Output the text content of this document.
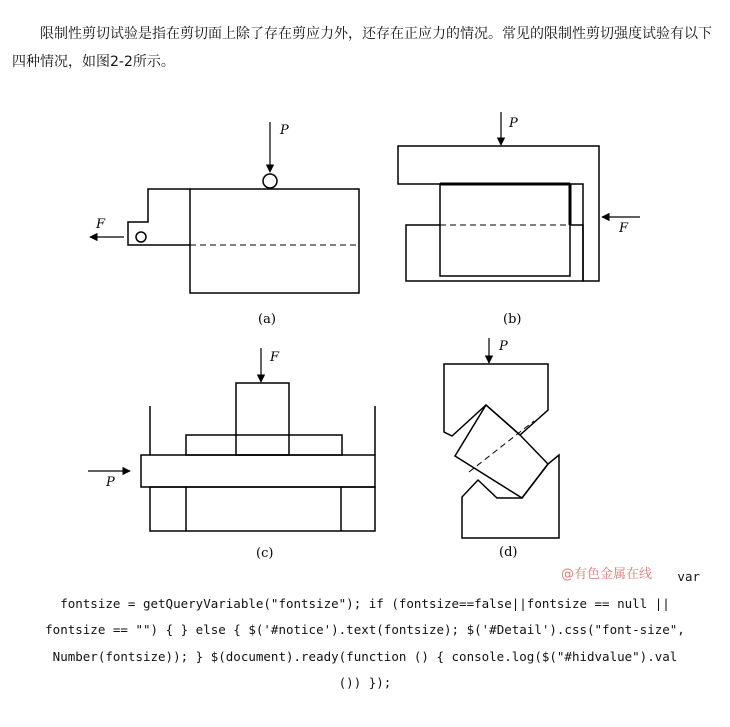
限制性剪切试验是指在剪切面上除了存在剪应力外，还存在正应力的情况。常见的限制性剪切强度试验有以下四种情况，如图2-2所示。

P
F
(a)
P
F
(b)
F
P
(c)
P
(d)
@有色金属在线	var
fontsize = getQueryVariable("fontsize"); if (fontsize==false||fontsize == null ||
fontsize == "") { } else { $('#notice').text(fontsize); $('#Detail').css("font-size",
Number(fontsize)); } $(document).ready(function () { console.log($("#hidvalue").val
()) });
